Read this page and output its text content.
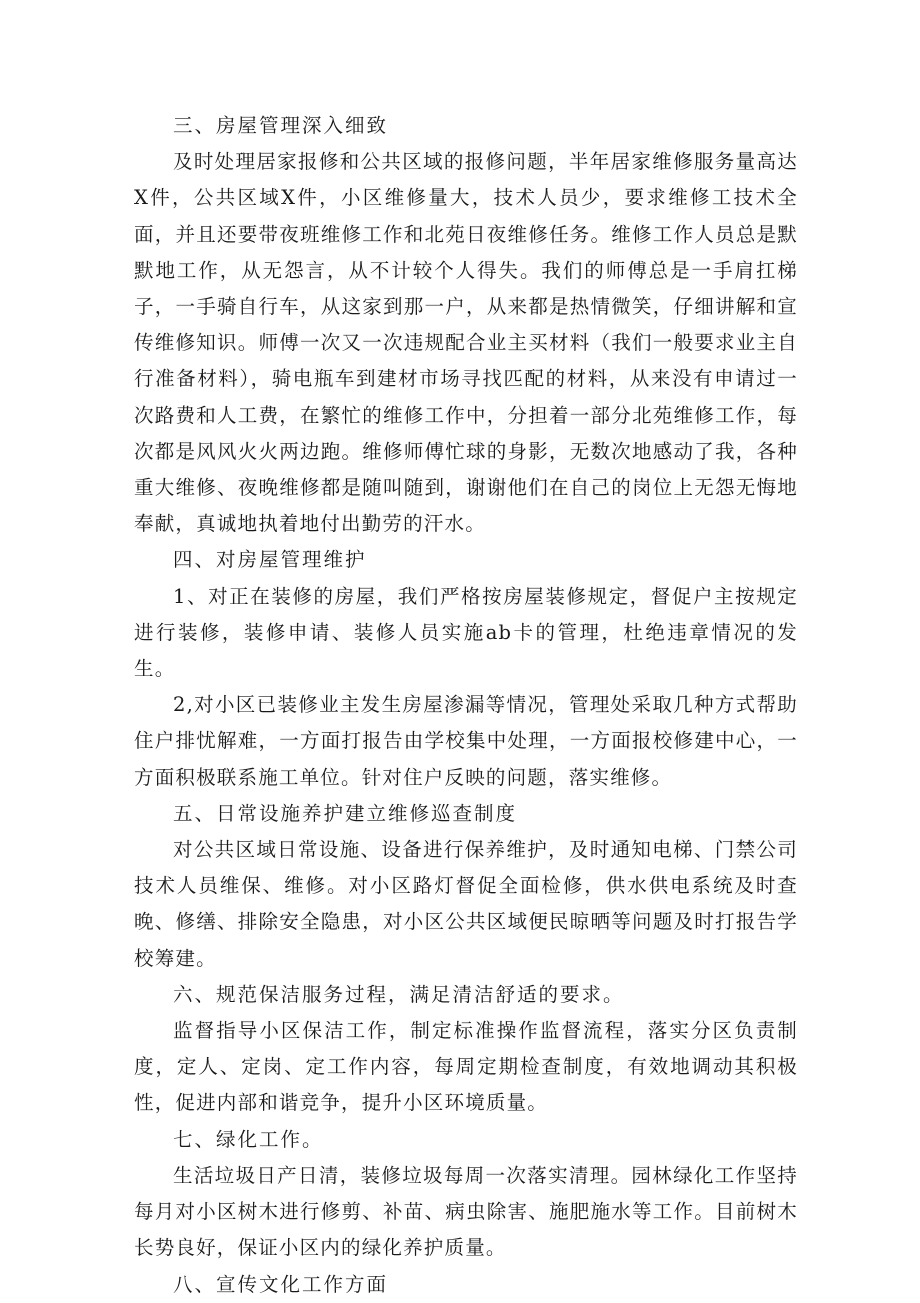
三、房屋管理深入细致

及时处理居家报修和公共区域的报修问题，半年居家维修服务量高达X件，公共区域X件，小区维修量大，技术人员少，要求维修工技术全面，并且还要带夜班维修工作和北苑日夜维修任务。维修工作人员总是默默地工作，从无怨言，从不计较个人得失。我们的师傅总是一手肩扛梯子，一手骑自行车，从这家到那一户，从来都是热情微笑，仔细讲解和宣传维修知识。师傅一次又一次违规配合业主买材料（我们一般要求业主自行准备材料），骑电瓶车到建材市场寻找匹配的材料，从来没有申请过一次路费和人工费，在繁忙的维修工作中，分担着一部分北苑维修工作，每次都是风风火火两边跑。维修师傅忙球的身影，无数次地感动了我，各种重大维修、夜晚维修都是随叫随到，谢谢他们在自己的岗位上无怨无悔地奉献，真诚地执着地付出勤劳的汗水。

四、对房屋管理维护

1、对正在装修的房屋，我们严格按房屋装修规定，督促户主按规定进行装修，装修申请、装修人员实施ab卡的管理，杜绝违章情况的发生。

2,对小区已装修业主发生房屋渗漏等情况，管理处采取几种方式帮助住户排忧解难，一方面打报告由学校集中处理，一方面报校修建中心，一方面积极联系施工单位。针对住户反映的问题，落实维修。

五、日常设施养护建立维修巡查制度

对公共区域日常设施、设备进行保养维护，及时通知电梯、门禁公司技术人员维保、维修。对小区路灯督促全面检修，供水供电系统及时查晚、修缮、排除安全隐患，对小区公共区域便民晾晒等问题及时打报告学校筹建。

六、规范保洁服务过程，满足清洁舒适的要求。

监督指导小区保洁工作，制定标准操作监督流程，落实分区负责制度，定人、定岗、定工作内容，每周定期检查制度，有效地调动其积极性，促进内部和谐竞争，提升小区环境质量。

七、绿化工作。

生活垃圾日产日清，装修垃圾每周一次落实清理。园林绿化工作坚持每月对小区树木进行修剪、补苗、病虫除害、施肥施水等工作。目前树木长势良好，保证小区内的绿化养护质量。

八、宣传文化工作方面
